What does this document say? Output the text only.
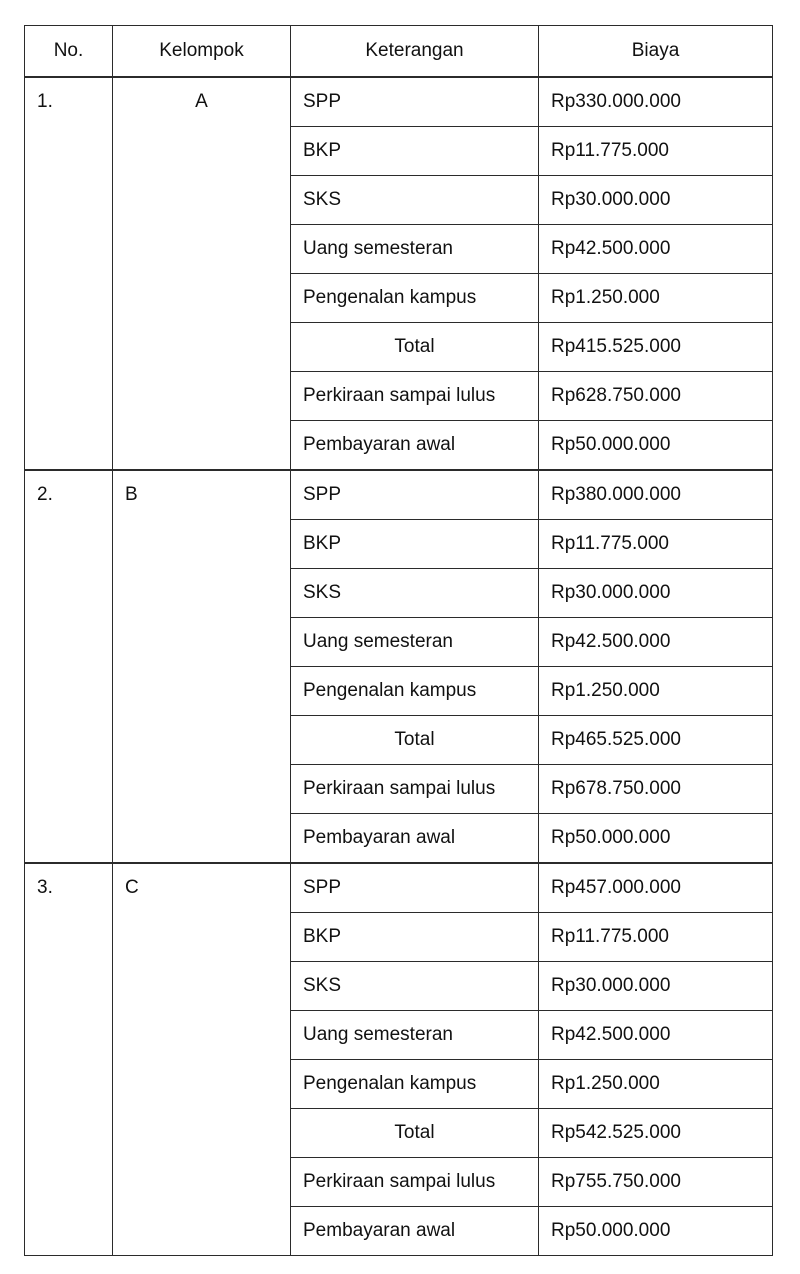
No.	Kelompok	Keterangan	Biaya
1.	A	SPP	Rp330.000.000
		BKP	Rp11.775.000
		SKS	Rp30.000.000
		Uang semesteran	Rp42.500.000
		Pengenalan kampus	Rp1.250.000
		Total	Rp415.525.000
		Perkiraan sampai lulus	Rp628.750.000
		Pembayaran awal	Rp50.000.000
2.	B	SPP	Rp380.000.000
		BKP	Rp11.775.000
		SKS	Rp30.000.000
		Uang semesteran	Rp42.500.000
		Pengenalan kampus	Rp1.250.000
		Total	Rp465.525.000
		Perkiraan sampai lulus	Rp678.750.000
		Pembayaran awal	Rp50.000.000
3.	C	SPP	Rp457.000.000
		BKP	Rp11.775.000
		SKS	Rp30.000.000
		Uang semesteran	Rp42.500.000
		Pengenalan kampus	Rp1.250.000
		Total	Rp542.525.000
		Perkiraan sampai lulus	Rp755.750.000
		Pembayaran awal	Rp50.000.000
